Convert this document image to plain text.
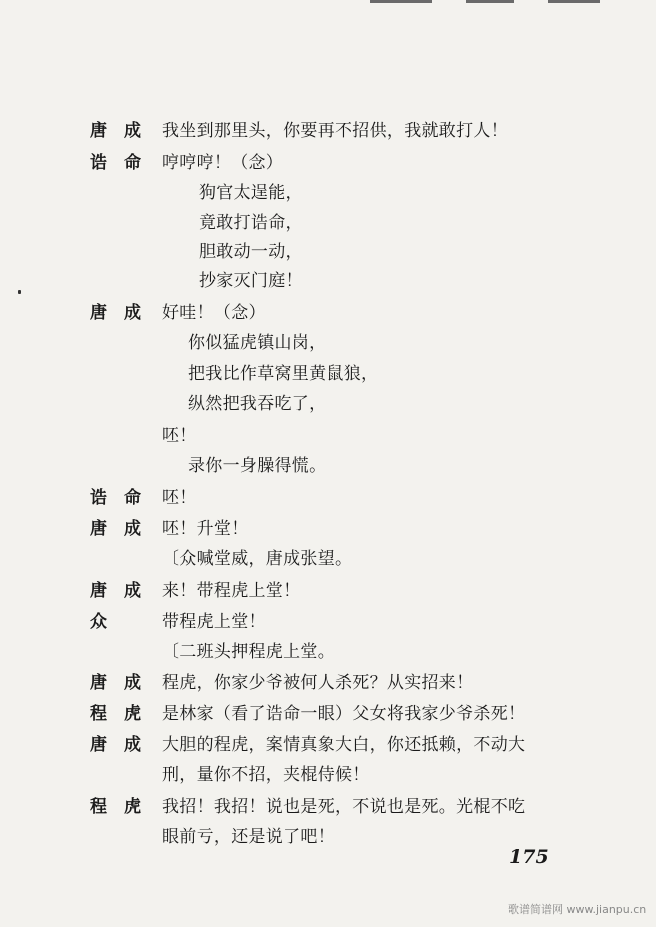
唐　成 我坐到那里头，你要再不招供，我就敢打人！
诰　命 哼哼哼！（念）
狗官太逞能，
竟敢打诰命，
胆敢动一动，
抄家灭门庭！
唐　成 好哇！（念）
你似猛虎镇山岗，
把我比作草窝里黄鼠狼，
纵然把我吞吃了，
呸！
录你一身臊得慌。
诰　命 呸！
唐　成 呸！升堂！
〔众喊堂威，唐成张望。
唐　成 来！带程虎上堂！
众	带程虎上堂！
〔二班头押程虎上堂。
唐　成 程虎，你家少爷被何人杀死？从实招来！
程　虎 是林家（看了诰命一眼）父女将我家少爷杀死！
唐　成 大胆的程虎，案情真象大白，你还抵赖，不动大
刑，量你不招，夹棍侍候！
程　虎 我招！我招！说也是死，不说也是死。光棍不吃
眼前亏，还是说了吧！
175
歌谱简谱网 www.jianpu.cn
